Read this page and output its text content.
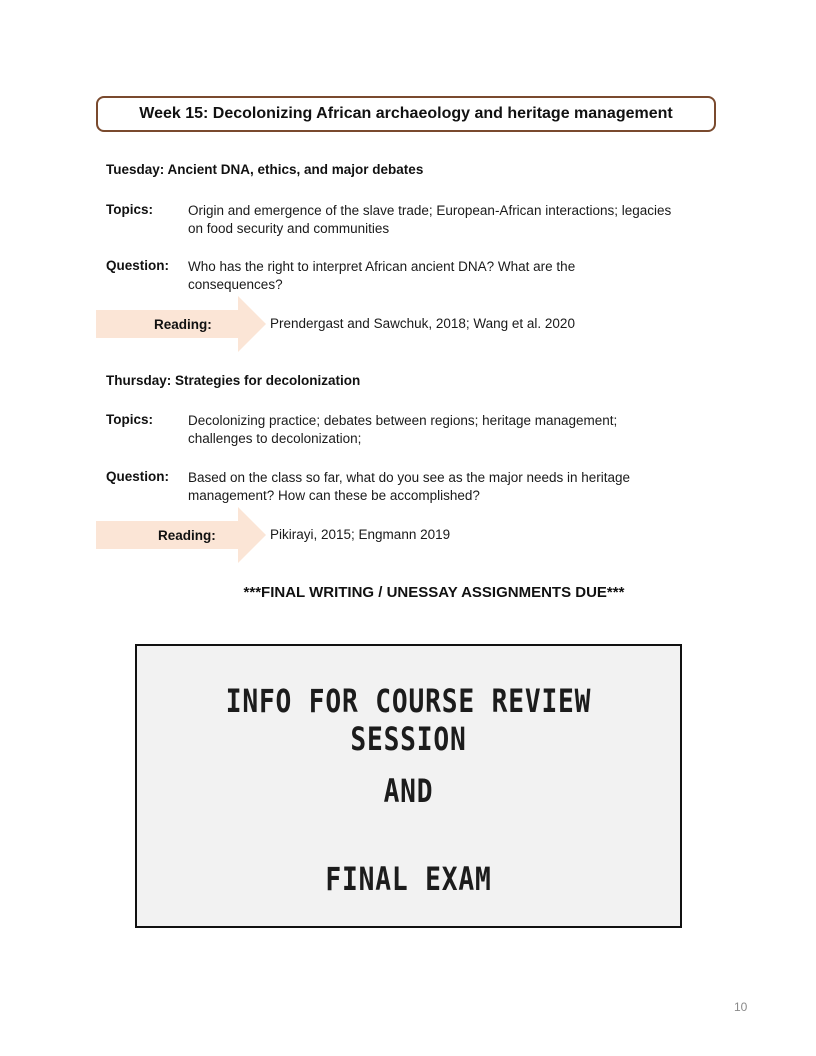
Week 15: Decolonizing African archaeology and heritage management
Tuesday: Ancient DNA, ethics, and major debates
Topics:	Origin and emergence of the slave trade; European-African interactions; legacies
on food security and communities
Question: Who has the right to interpret African ancient DNA? What are the
consequences?
Reading:	Prendergast and Sawchuk, 2018; Wang et al. 2020
Thursday: Strategies for decolonization
Topics:	Decolonizing practice; debates between regions; heritage management;
challenges to decolonization;
Question: Based on the class so far, what do you see as the major needs in heritage
management? How can these be accomplished?
Reading:	Pikirayi, 2015; Engmann 2019
***FINAL WRITING / UNESSAY ASSIGNMENTS DUE***
INFO FOR COURSE REVIEW SESSION
AND
FINAL EXAM
10
